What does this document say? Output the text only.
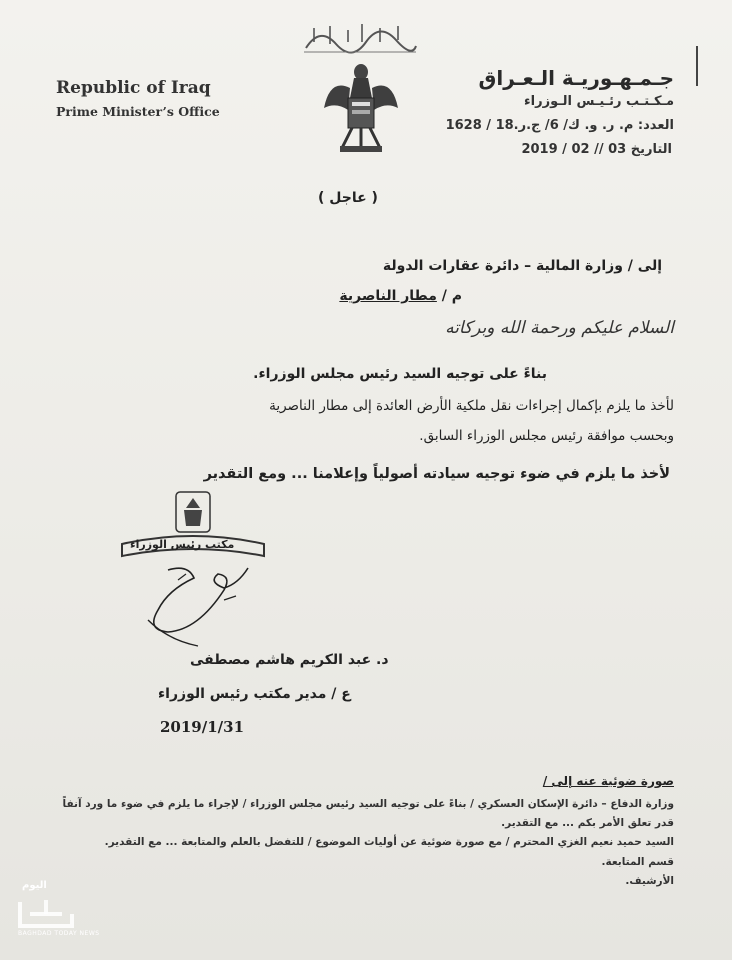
Republic of Iraq
Prime Minister’s Office
جـمـهـوريـة الـعـراق
مـكـتـب رئـيـس الـوزراء
العدد: م. ر. و. ك/ 6/ ج.ر.18 / 1628
التاريخ 03 // 02 / 2019
( عاجل )
إلى / وزارة المالية – دائرة عقارات الدولة
م / مطار الناصرية
السلام عليكم ورحمة الله وبركاته
بناءً على توجيه السيد رئيس مجلس الوزراء.
لأخذ ما يلزم بإكمال إجراءات نقل ملكية الأرض العائدة إلى مطار الناصرية
وبحسب موافقة رئيس مجلس الوزراء السابق.
لأخذ ما يلزم في ضوء توجيه سيادته أصولياً وإعلامنا ... ومع التقدير
مكتب رئيس الوزراء
د. عبد الكريم هاشم مصطفى
ع / مدير مكتب رئيس الوزراء
2019/1/31
صورة ضوئية عنه إلى /
وزارة الدفاع – دائرة الإسكان العسكري / بناءً على توجيه السيد رئيس مجلس الوزراء / لإجراء ما يلزم في ضوء ما ورد آنفاً
قدر تعلق الأمر بكم ... مع التقدير.
السيد حميد نعيم الغزي المحترم / مع صورة ضوئية عن أوليات الموضوع / للتفضل بالعلم والمتابعة ... مع التقدير.
قسم المتابعة.
الأرشيف.
اليوم
BAGHDAD TODAY NEWS
